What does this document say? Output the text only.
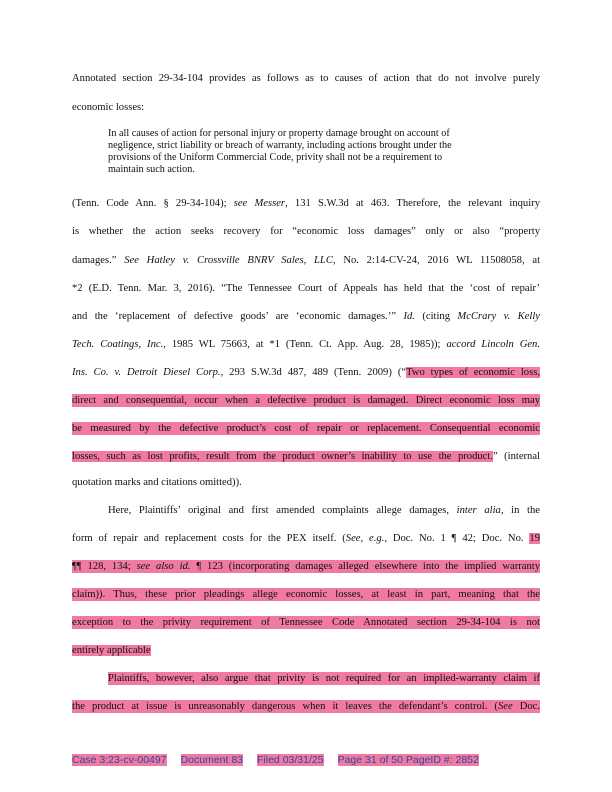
Annotated section 29-34-104 provides as follows as to causes of action that do not involve purely
economic losses:
In all causes of action for personal injury or property damage brought on account of
negligence, strict liability or breach of warranty, including actions brought under the
provisions of the Uniform Commercial Code, privity shall not be a requirement to
maintain such action.
(Tenn. Code Ann. § 29-34-104); see Messer, 131 S.W.3d at 463. Therefore, the relevant inquiry
is whether the action seeks recovery for “economic loss damages” only or also “property
damages.” See Hatley v. Crossville BNRV Sales, LLC, No. 2:14-CV-24, 2016 WL 11508058, at
*2 (E.D. Tenn. Mar. 3, 2016). “The Tennessee Court of Appeals has held that the ‘cost of repair’
and the ‘replacement of defective goods’ are ‘economic damages.’” Id. (citing McCrary v. Kelly
Tech. Coatings, Inc., 1985 WL 75663, at *1 (Tenn. Ct. App. Aug. 28, 1985)); accord Lincoln Gen.
Ins. Co. v. Detroit Diesel Corp., 293 S.W.3d 487, 489 (Tenn. 2009) (“Two types of economic loss,
direct and consequential, occur when a defective product is damaged. Direct economic loss may
be measured by the defective product’s cost of repair or replacement. Consequential economic
losses, such as lost profits, result from the product owner’s inability to use the product.” (internal
quotation marks and citations omitted)).
Here, Plaintiffs’ original and first amended complaints allege damages, inter alia, in the
form of repair and replacement costs for the PEX itself. (See, e.g., Doc. No. 1 ¶ 42; Doc. No. 19
¶¶ 128, 134; see also id. ¶ 123 (incorporating damages alleged elsewhere into the implied warranty
claim)). Thus, these prior pleadings allege economic losses, at least in part, meaning that the
exception to the privity requirement of Tennessee Code Annotated section 29-34-104 is not
entirely applicable
Plaintiffs, however, also argue that privity is not required for an implied-warranty claim if
the product at issue is unreasonably dangerous when it leaves the defendant’s control. (See Doc.
Case 3:23-cv-00497 Document 83 Filed 03/31/25 Page 31 of 50 PageID #: 2852
